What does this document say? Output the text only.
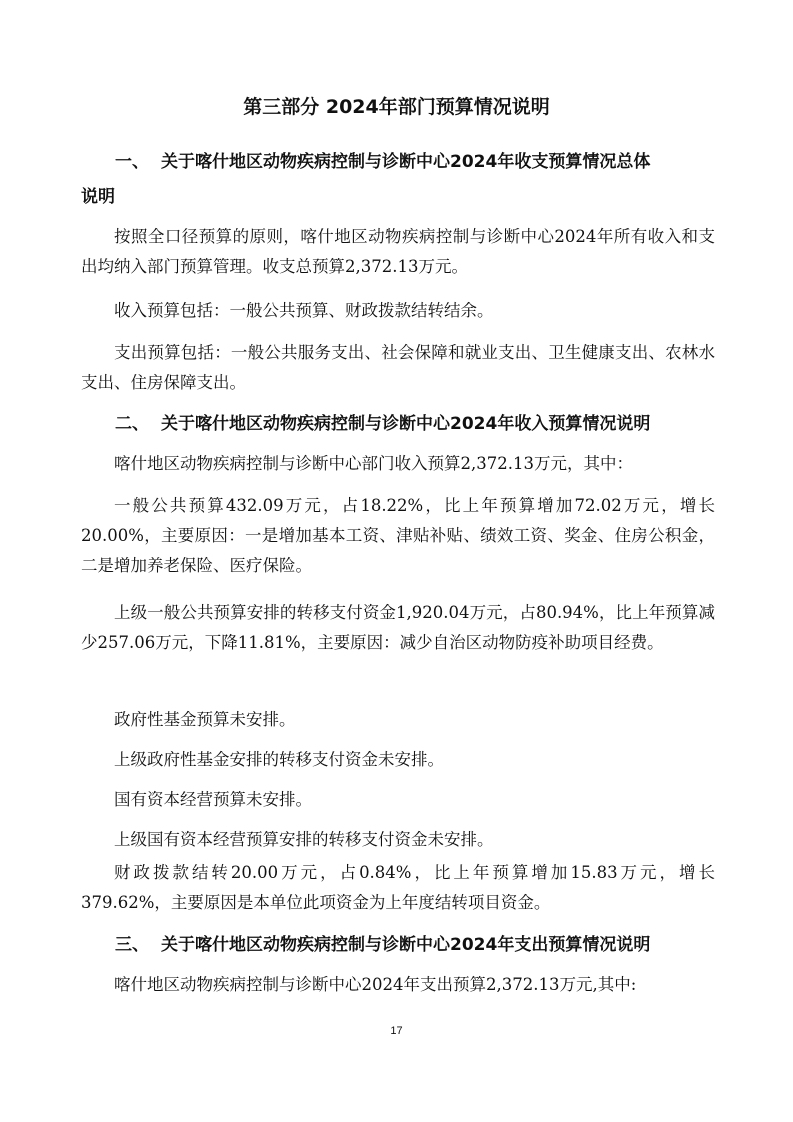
第三部分 2024年部门预算情况说明
一、 关于喀什地区动物疾病控制与诊断中心2024年收支预算情况总体
说明

按照全口径预算的原则，喀什地区动物疾病控制与诊断中心2024年所有收入和支出均纳入部门预算管理。收支总预算2,372.13万元。

收入预算包括：一般公共预算、财政拨款结转结余。

支出预算包括：一般公共服务支出、社会保障和就业支出、卫生健康支出、农林水支出、住房保障支出。

二、 关于喀什地区动物疾病控制与诊断中心2024年收入预算情况说明

喀什地区动物疾病控制与诊断中心部门收入预算2,372.13万元，其中：

一般公共预算432.09万元，占18.22%，比上年预算增加72.02万元，增长20.00%，主要原因：一是增加基本工资、津贴补贴、绩效工资、奖金、住房公积金，二是增加养老保险、医疗保险。

上级一般公共预算安排的转移支付资金1,920.04万元，占80.94%，比上年预算减少257.06万元，下降11.81%，主要原因：减少自治区动物防疫补助项目经费。

政府性基金预算未安排。

上级政府性基金安排的转移支付资金未安排。

国有资本经营预算未安排。

上级国有资本经营预算安排的转移支付资金未安排。

财政拨款结转20.00万元，占0.84%，比上年预算增加15.83万元，增长379.62%，主要原因是本单位此项资金为上年度结转项目资金。

三、 关于喀什地区动物疾病控制与诊断中心2024年支出预算情况说明

喀什地区动物疾病控制与诊断中心2024年支出预算2,372.13万元,其中:

17
